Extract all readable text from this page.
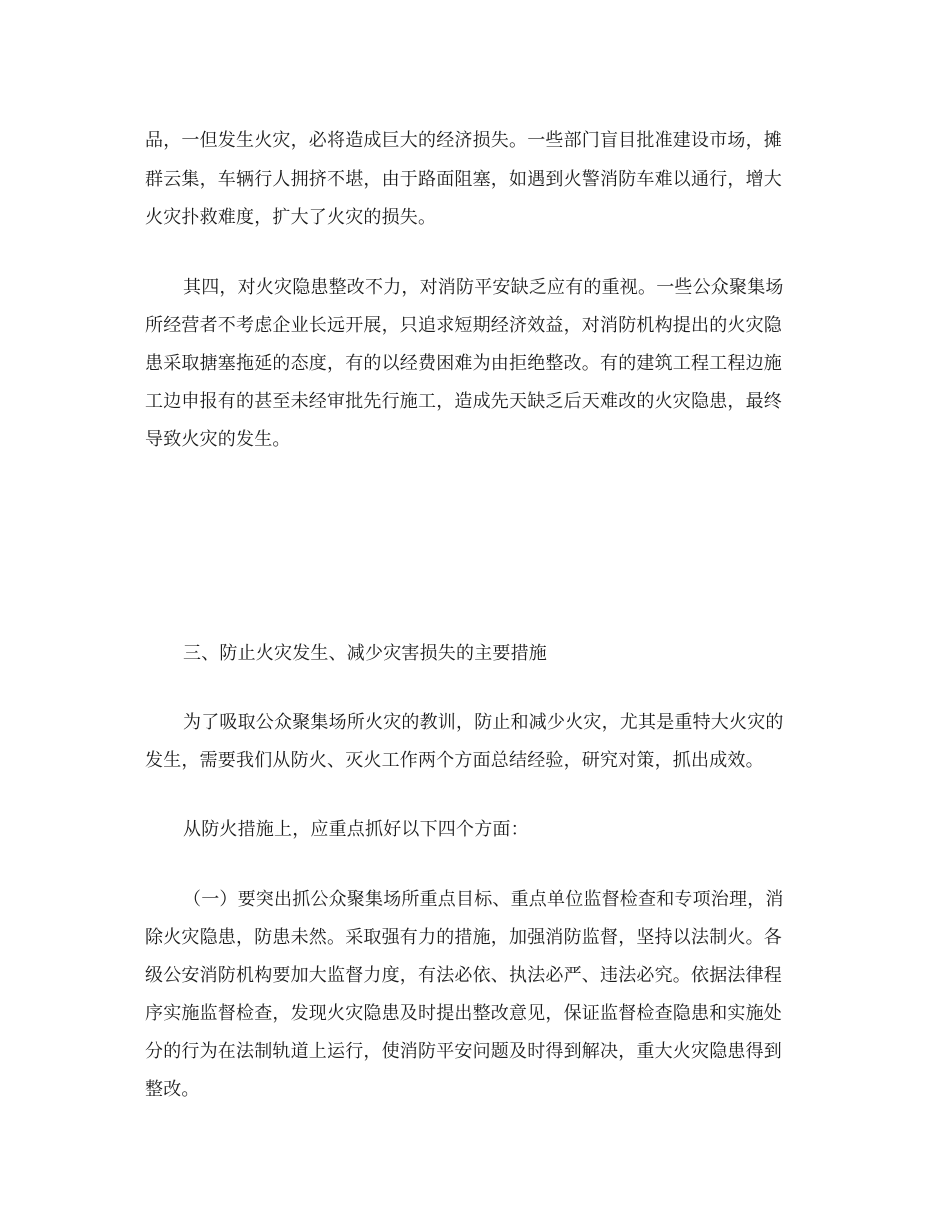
品，一但发生火灾，必将造成巨大的经济损失。一些部门盲目批准建设市场，摊
群云集，车辆行人拥挤不堪，由于路面阻塞，如遇到火警消防车难以通行，增大
火灾扑救难度，扩大了火灾的损失。
其四，对火灾隐患整改不力，对消防平安缺乏应有的重视。一些公众聚集场
所经营者不考虑企业长远开展，只追求短期经济效益，对消防机构提出的火灾隐
患采取搪塞拖延的态度，有的以经费困难为由拒绝整改。有的建筑工程工程边施
工边申报有的甚至未经审批先行施工，造成先天缺乏后天难改的火灾隐患，最终
导致火灾的发生。
三、防止火灾发生、减少灾害损失的主要措施
为了吸取公众聚集场所火灾的教训，防止和减少火灾，尤其是重特大火灾的
发生，需要我们从防火、灭火工作两个方面总结经验，研究对策，抓出成效。
从防火措施上，应重点抓好以下四个方面：
（一）要突出抓公众聚集场所重点目标、重点单位监督检查和专项治理，消
除火灾隐患，防患未然。采取强有力的措施，加强消防监督，坚持以法制火。各
级公安消防机构要加大监督力度，有法必依、执法必严、违法必究。依据法律程
序实施监督检查，发现火灾隐患及时提出整改意见，保证监督检查隐患和实施处
分的行为在法制轨道上运行，使消防平安问题及时得到解决，重大火灾隐患得到
整改。
